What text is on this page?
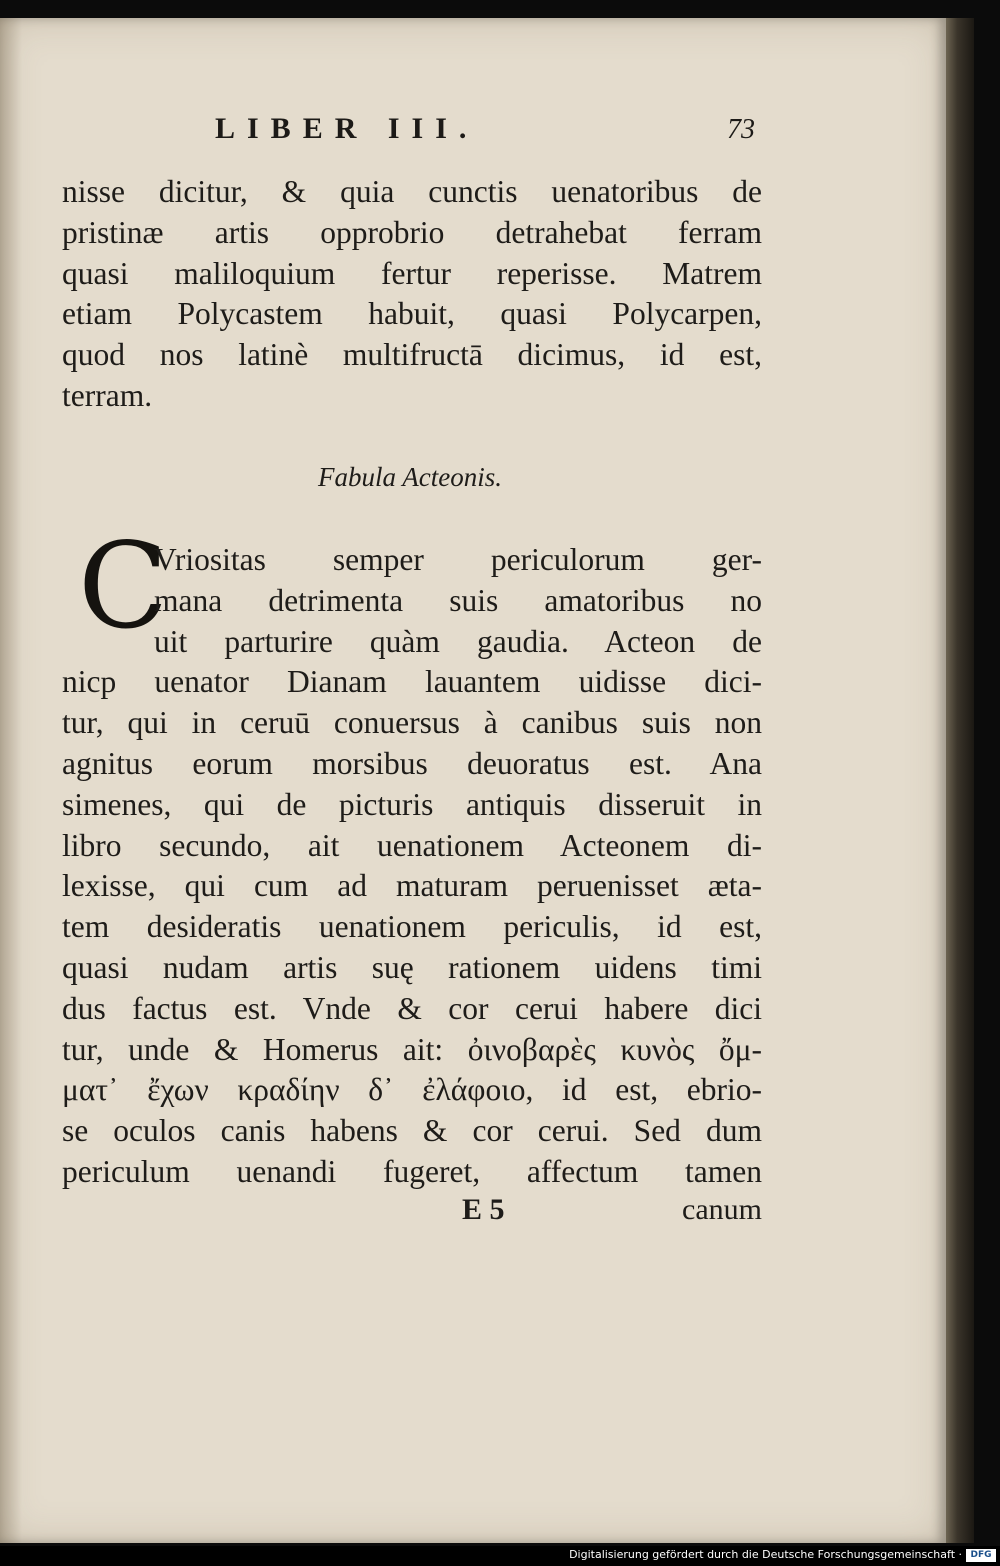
LIBER III.	73
nisse dicitur, & quia cunctis uenatoribus de
pristinæ artis opprobrio detrahebat ferram
quasi maliloquium fertur reperisse. Matrem
etiam Polycastem habuit, quasi Polycarpen,
quod nos latinè multifructā dicimus, id est,
terram.
Fabula Acteonis.
C
Vriositas semper periculorum ger-
mana detrimenta suis amatoribus no
uit parturire quàm gaudia. Acteon de
nicp uenator Dianam lauantem uidisse dici-
tur, qui in ceruū conuersus à canibus suis non
agnitus eorum morsibus deuoratus est. Ana
simenes, qui de picturis antiquis disseruit in
libro secundo, ait uenationem Acteonem di-
lexisse, qui cum ad maturam peruenisset æta-
tem desideratis uenationem periculis, id est,
quasi nudam artis suę rationem uidens timi
dus factus est. Vnde & cor cerui habere dici
tur, unde & Homerus ait: ὀινοβαρὲς κυνὸς ὄμ-
ματ᾽ ἔχων κραδίην δ᾽ ἐλάφοιο, id est, ebrio-
se oculos canis habens & cor cerui. Sed dum
periculum uenandi fugeret, affectum tamen
E 5	canum
Digitalisierung gefördert durch die Deutsche Forschungsgemeinschaft · DFG
